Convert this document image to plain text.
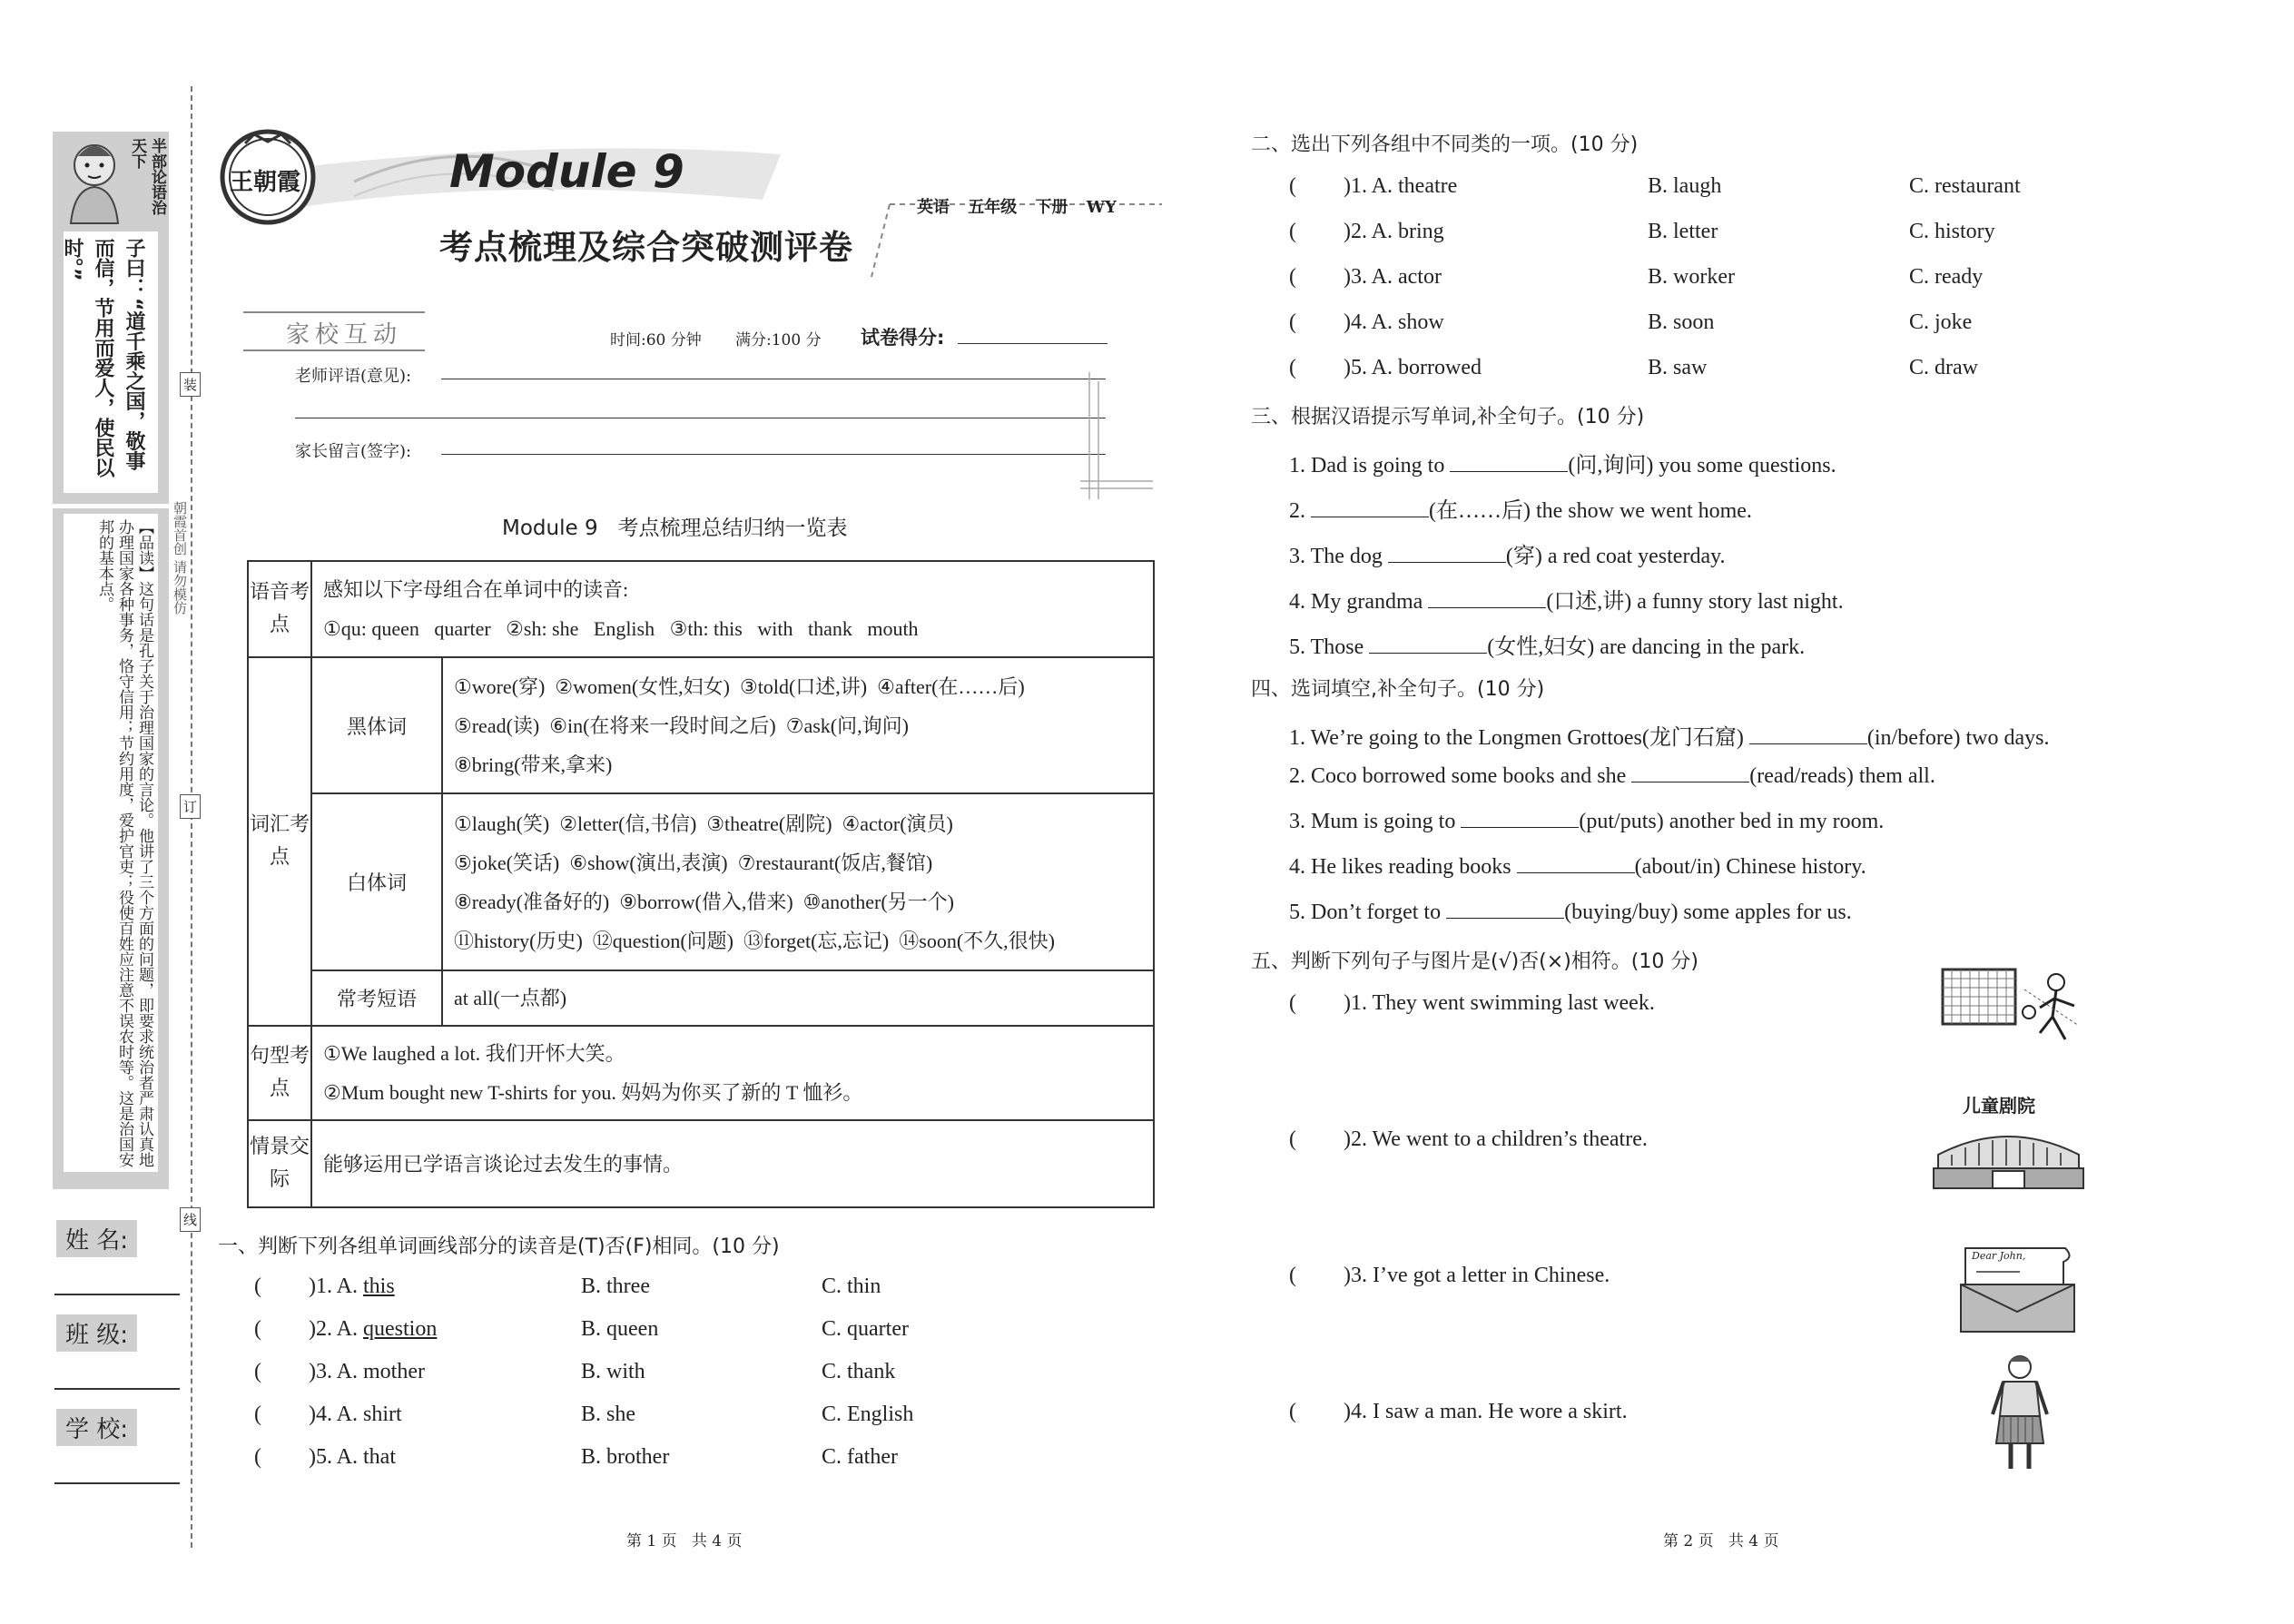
半部论语治天下
子曰：“道千乘之国，敬事而信，节用而爱人，使民以时。”
【品读】这句话是孔子关于治理国家的言论。他讲了三个方面的问题，即要求统治者严肃认真地办理国家各种事务，恪守信用；节约用度，爱护官吏；役使百姓应注意不误农时等。这是治国安邦的基本点。
姓 名:
班 级:
学 校:
装
订
线
朝霞首创 请勿模仿
王朝霞	Module 9
考点梳理及综合突破测评卷
英语 五年级 下册 WY
家校互动	时间:60 分钟 满分:100 分 试卷得分:
老师评语(意见):
家长留言(签字):
Module 9   考点梳理总结归纳一览表
语音考点	感知以下字母组合在单词中的读音:
①qu: queen   quarter   ②sh: she   English   ③th: this   with   thank   mouth	

词汇考点	黑体词	①wore(穿)  ②women(女性,妇女)  ③told(口述,讲)  ④after(在……后)
⑤read(读)  ⑥in(在将来一段时间之后)  ⑦ask(问,询问)
⑧bring(带来,拿来)

	白体词	①laugh(笑)  ②letter(信,书信)  ③theatre(剧院)  ④actor(演员)
⑤joke(笑话)  ⑥show(演出,表演)  ⑦restaurant(饭店,餐馆)
⑧ready(准备好的)  ⑨borrow(借入,借来)  ⑩another(另一个)
⑪history(历史)  ⑫question(问题)  ⑬forget(忘,忘记)  ⑭soon(不久,很快)

	常考短语	at all(一点都)
句型考点	①We laughed a lot. 我们开怀大笑。
②Mum bought new T-shirts for you. 妈妈为你买了新的 T 恤衫。	

情景交际	能够运用已学语言谈论过去发生的事情。	
一、判断下列各组单词画线部分的读音是(T)否(F)相同。(10 分)
( )1. A. this	B. three	C. thin
( )2. A. question	B. queen	C. quarter
( )3. A. mother	B. with	C. thank
( )4. A. shirt	B. she	C. English
( )5. A. that	B. brother	C. father
第 1 页   共 4 页
二、选出下列各组中不同类的一项。(10 分)
( )1. A. theatre	B. laugh	C. restaurant
( )2. A. bring	B. letter	C. history
( )3. A. actor	B. worker	C. ready
( )4. A. show	B. soon	C. joke
( )5. A. borrowed	B. saw	C. draw
三、根据汉语提示写单词,补全句子。(10 分)
1. Dad is going to	(问,询问) you some questions.
2.	(在……后) the show we went home.
3. The dog	(穿) a red coat yesterday.
4. My grandma	(口述,讲) a funny story last night.
5. Those	(女性,妇女) are dancing in the park.
四、选词填空,补全句子。(10 分)
1. We’re going to the Longmen Grottoes(龙门石窟)	(in/before) two days.
2. Coco borrowed some books and she	(read/reads) them all.
3. Mum is going to	(put/puts) another bed in my room.
4. He likes reading books	(about/in) Chinese history.
5. Don’t forget to	(buying/buy) some apples for us.
五、判断下列句子与图片是(√)否(×)相符。(10 分)
( )1. They went swimming last week.
( )2. We went to a children’s theatre.
( )3. I’ve got a letter in Chinese.
( )4. I saw a man. He wore a skirt.
儿童剧院
Dear John,
第 2 页   共 4 页
